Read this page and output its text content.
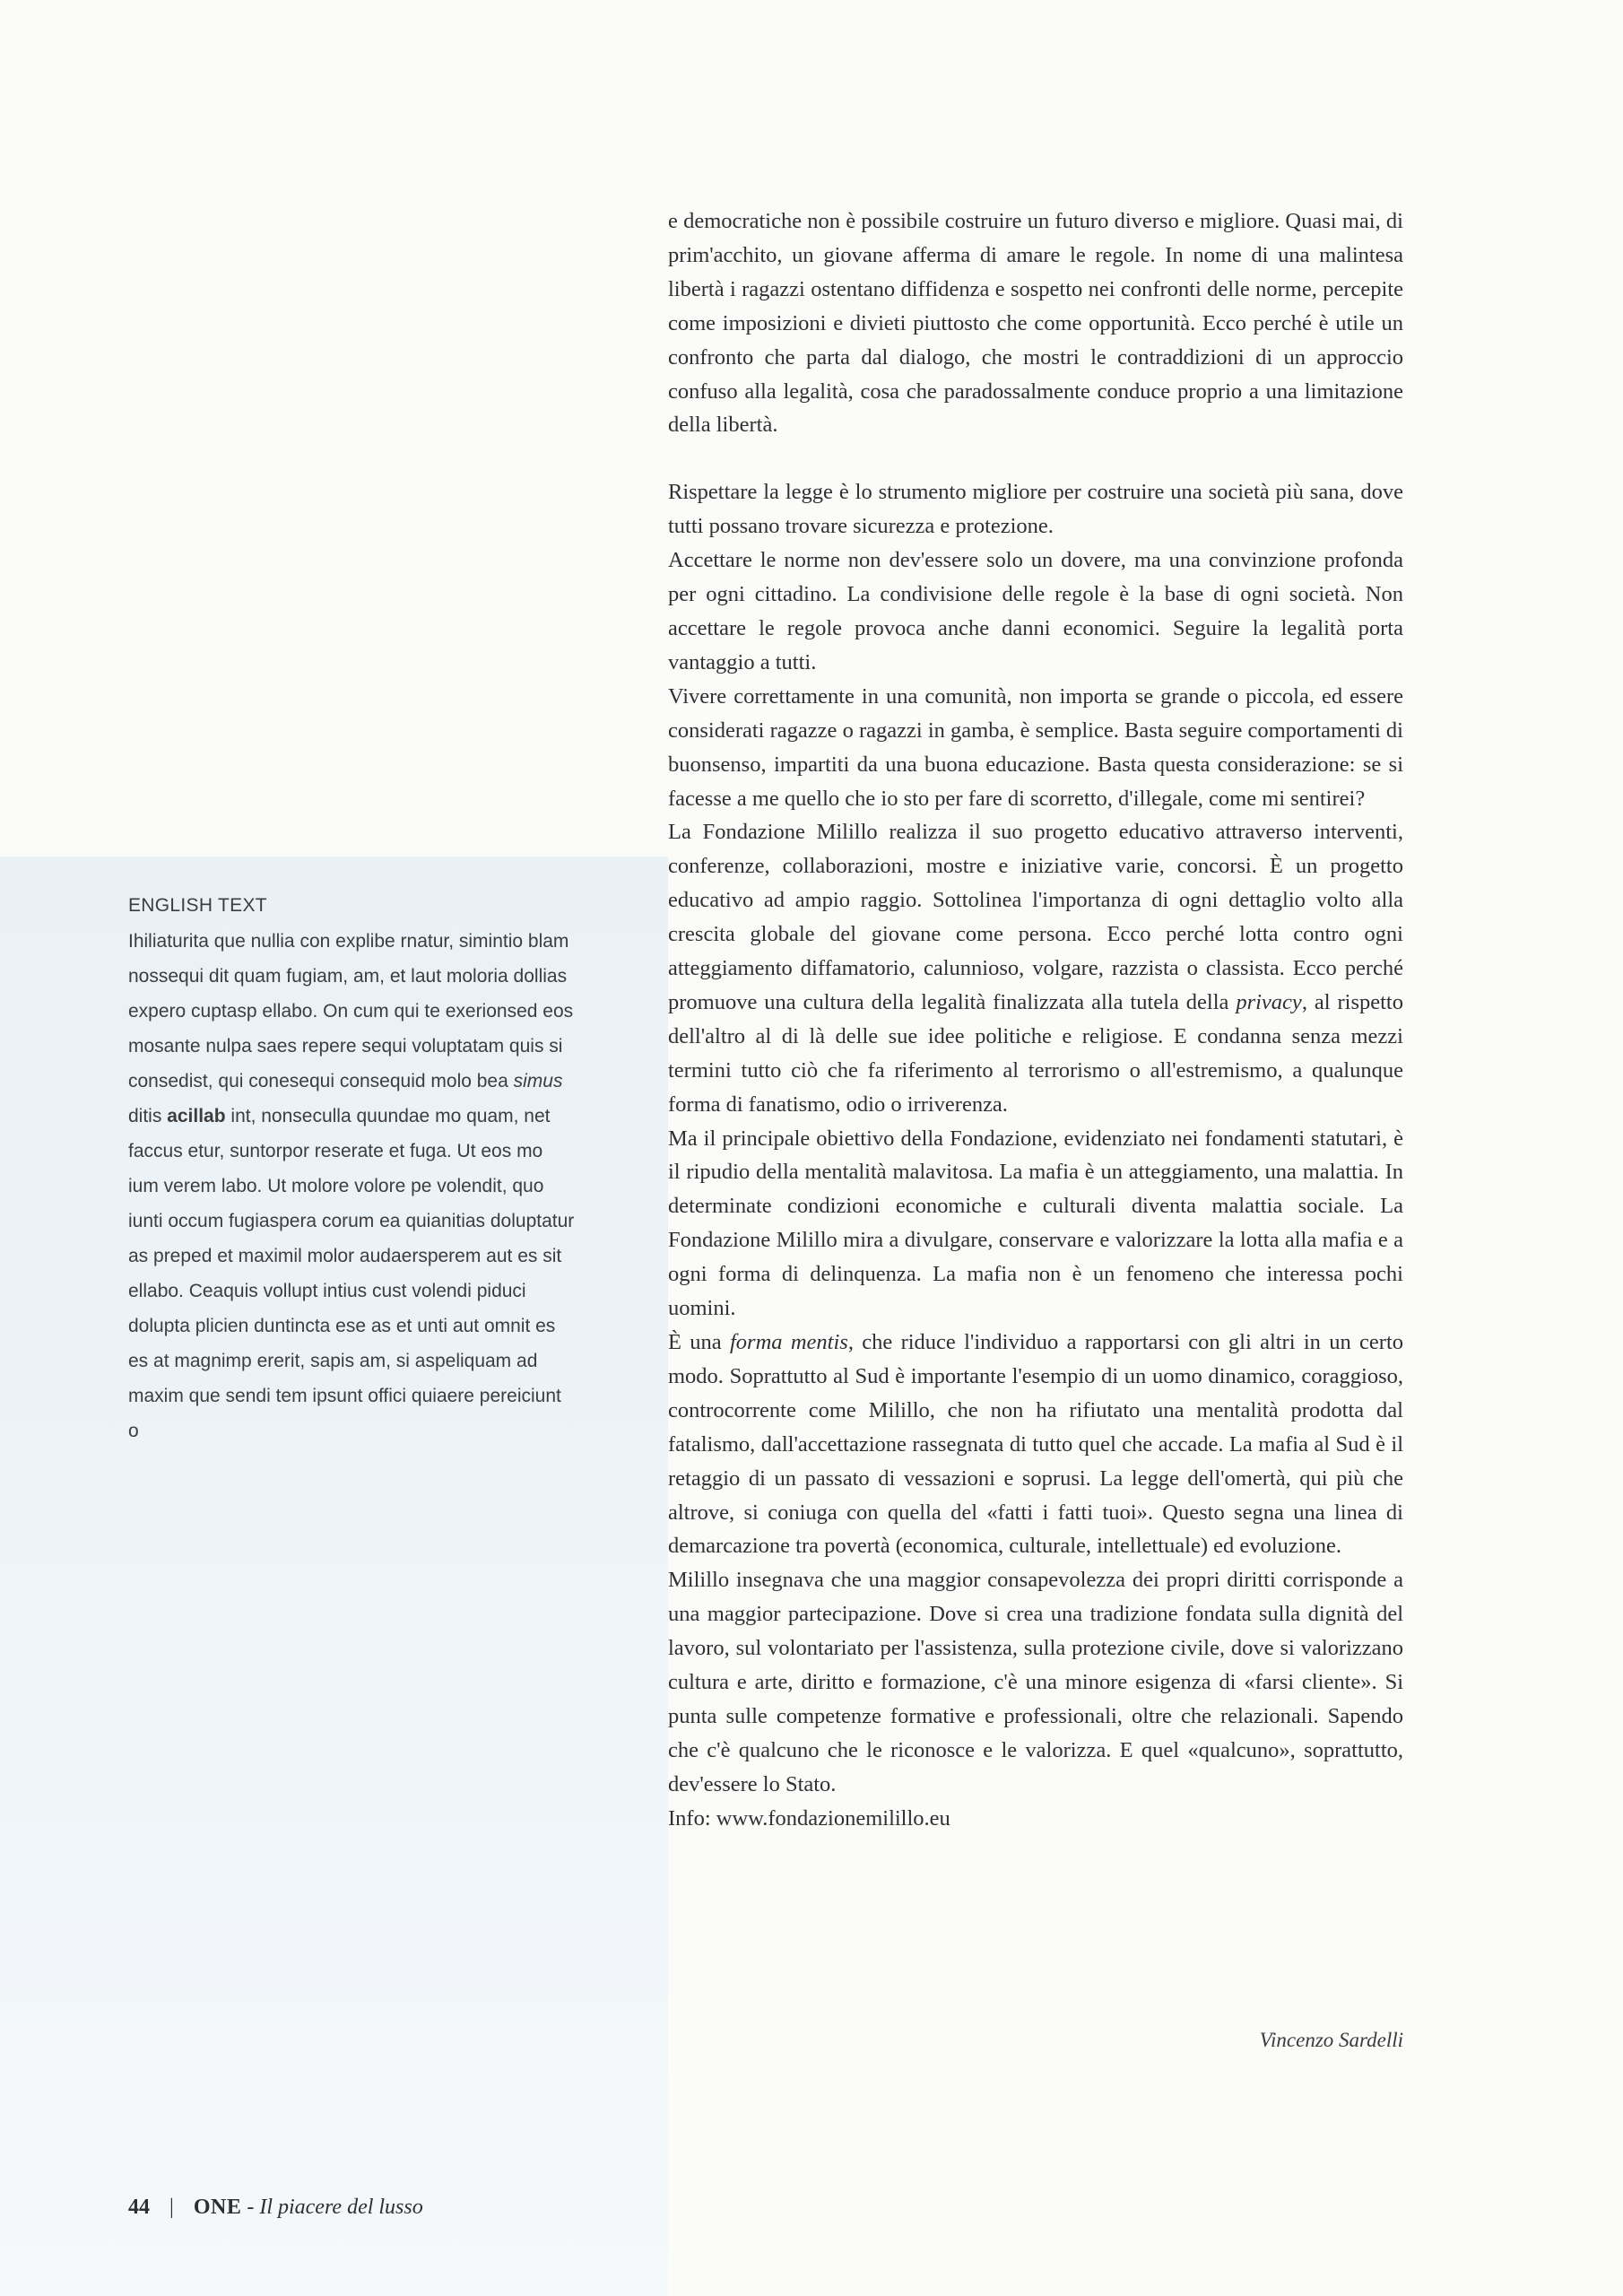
ENGLISH TEXT

Ihiliaturita que nullia con explibe rnatur, simintio blam nossequi dit quam fugiam, am, et laut moloria dollias expero cuptasp ellabo. On cum qui te exerionsed eos mosante nulpa saes repere sequi voluptatam quis si consedist, qui conesequi consequid molo bea simus ditis acillab int, nonseculla quundae mo quam, net faccus etur, suntorpor reserate et fuga. Ut eos mo ium verem labo. Ut molore volore pe volendit, quo iunti occum fugiaspera corum ea quianitias doluptatur as preped et maximil molor audaersperem aut es sit ellabo. Ceaquis vollupt intius cust volendi piduci dolupta plicien duntincta ese as et unti aut omnit es es at magnimp ererit, sapis am, si aspeliquam ad maxim que sendi tem ipsunt offici quiaere pereiciunt o

e democratiche non è possibile costruire un futuro diverso e migliore. Quasi mai, di prim'acchito, un giovane afferma di amare le regole. In nome di una malintesa libertà i ragazzi ostentano diffidenza e sospetto nei confronti delle norme, percepite come imposizioni e divieti piuttosto che come opportunità. Ecco perché è utile un confronto che parta dal dialogo, che mostri le contraddizioni di un approccio confuso alla legalità, cosa che paradossalmente conduce proprio a una limitazione della libertà.

Rispettare la legge è lo strumento migliore per costruire una società più sana, dove tutti possano trovare sicurezza e protezione.

Accettare le norme non dev'essere solo un dovere, ma una convinzione profonda per ogni cittadino. La condivisione delle regole è la base di ogni società. Non accettare le regole provoca anche danni economici. Seguire la legalità porta vantaggio a tutti.

Vivere correttamente in una comunità, non importa se grande o piccola, ed essere considerati ragazze o ragazzi in gamba, è semplice. Basta seguire comportamenti di buonsenso, impartiti da una buona educazione. Basta questa considerazione: se si facesse a me quello che io sto per fare di scorretto, d'illegale, come mi sentirei?

La Fondazione Milillo realizza il suo progetto educativo attraverso interventi, conferenze, collaborazioni, mostre e iniziative varie, concorsi. È un progetto educativo ad ampio raggio. Sottolinea l'importanza di ogni dettaglio volto alla crescita globale del giovane come persona. Ecco perché lotta contro ogni atteggiamento diffamatorio, calunnioso, volgare, razzista o classista. Ecco perché promuove una cultura della legalità finalizzata alla tutela della privacy, al rispetto dell'altro al di là delle sue idee politiche e religiose. E condanna senza mezzi termini tutto ciò che fa riferimento al terrorismo o all'estremismo, a qualunque forma di fanatismo, odio o irriverenza.

Ma il principale obiettivo della Fondazione, evidenziato nei fondamenti statutari, è il ripudio della mentalità malavitosa. La mafia è un atteggiamento, una malattia. In determinate condizioni economiche e culturali diventa malattia sociale. La Fondazione Milillo mira a divulgare, conservare e valorizzare la lotta alla mafia e a ogni forma di delinquenza. La mafia non è un fenomeno che interessa pochi uomini.

È una forma mentis, che riduce l'individuo a rapportarsi con gli altri in un certo modo. Soprattutto al Sud è importante l'esempio di un uomo dinamico, coraggioso, controcorrente come Milillo, che non ha rifiutato una mentalità prodotta dal fatalismo, dall'accettazione rassegnata di tutto quel che accade. La mafia al Sud è il retaggio di un passato di vessazioni e soprusi. La legge dell'omertà, qui più che altrove, si coniuga con quella del «fatti i fatti tuoi». Questo segna una linea di demarcazione tra povertà (economica, culturale, intellettuale) ed evoluzione.

Milillo insegnava che una maggior consapevolezza dei propri diritti corrisponde a una maggior partecipazione. Dove si crea una tradizione fondata sulla dignità del lavoro, sul volontariato per l'assistenza, sulla protezione civile, dove si valorizzano cultura e arte, diritto e formazione, c'è una minore esigenza di «farsi cliente». Si punta sulle competenze formative e professionali, oltre che relazionali. Sapendo che c'è qualcuno che le riconosce e le valorizza. E quel «qualcuno», soprattutto, dev'essere lo Stato.

Info: www.fondazionemilillo.eu

Vincenzo Sardelli
44 | ONE - Il piacere del lusso
